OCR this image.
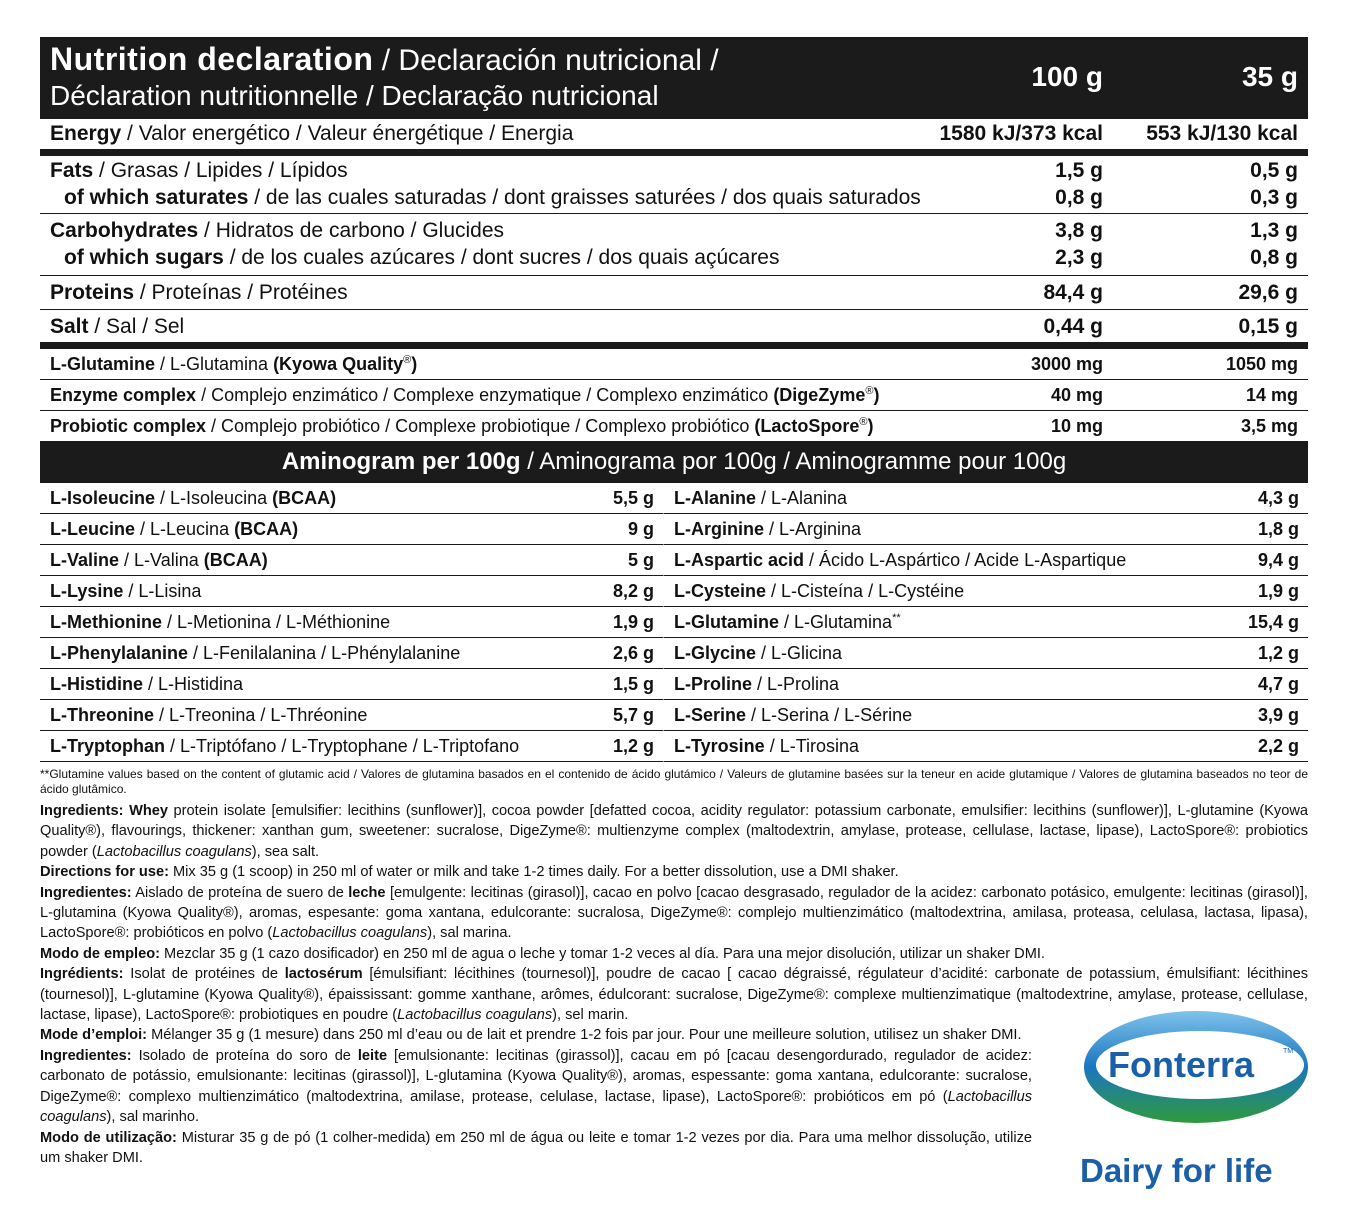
Nutrition declaration / Declaración nutricional /
Déclaration nutritionnelle / Declaração nutricional
100 g	35 g
Energy / Valor energético / Valeur énergétique / Energia	1580 kJ/373 kcal 553 kJ/130 kcal
Fats / Grasas / Lipides / Lípidos	1,5 g	0,5 g
of which saturates / de las cuales saturadas / dont graisses saturées / dos quais saturados	0,8 g	0,3 g
Carbohydrates / Hidratos de carbono / Glucides	3,8 g	1,3 g
of which sugars / de los cuales azúcares / dont sucres / dos quais açúcares	2,3 g	0,8 g
Proteins / Proteínas / Protéines	84,4 g	29,6 g
Salt / Sal / Sel	0,44 g	0,15 g
L-Glutamine / L-Glutamina (Kyowa Quality®)	3000 mg	1050 mg
Enzyme complex / Complejo enzimático / Complexe enzymatique / Complexo enzimático (DigeZyme®)	40 mg	14 mg
Probiotic complex / Complejo probiótico / Complexe probiotique / Complexo probiótico (LactoSpore®)	10 mg	3,5 mg
Aminogram per 100g / Aminograma por 100g / Aminogramme pour 100g
L-Isoleucine / L-Isoleucina (BCAA)	5,5 g
L-Leucine / L-Leucina (BCAA)	9 g
L-Valine / L-Valina (BCAA)	5 g
L-Lysine / L-Lisina	8,2 g
L-Methionine / L-Metionina / L-Méthionine	1,9 g
L-Phenylalanine / L-Fenilalanina / L-Phénylalanine	2,6 g
L-Histidine / L-Histidina	1,5 g
L-Threonine / L-Treonina / L-Thréonine	5,7 g
L-Tryptophan / L-Triptófano / L-Tryptophane / L-Triptofano	1,2 g
L-Alanine / L-Alanina	4,3 g
L-Arginine / L-Arginina	1,8 g
L-Aspartic acid / Ácido L-Aspártico / Acide L-Aspartique	9,4 g
L-Cysteine / L-Cisteína / L-Cystéine	1,9 g
L-Glutamine / L-Glutamina**	15,4 g
L-Glycine / L-Glicina	1,2 g
L-Proline / L-Prolina	4,7 g
L-Serine / L-Serina / L-Sérine	3,9 g
L-Tyrosine / L-Tirosina	2,2 g
**Glutamine values based on the content of glutamic acid / Valores de glutamina basados en el contenido de ácido glutámico / Valeurs de glutamine basées sur la teneur en acide glutamique / Valores de glutamina baseados no teor de ácido glutâmico.

Ingredients: Whey protein isolate [emulsifier: lecithins (sunflower)], cocoa powder [defatted cocoa, acidity regulator: potassium carbonate, emulsifier: lecithins (sunflower)], L-glutamine (Kyowa Quality®), flavourings, thickener: xanthan gum, sweetener: sucralose, DigeZyme®: multienzyme complex (maltodextrin, amylase, protease, cellulase, lactase, lipase), LactoSpore®: probiotics powder (Lactobacillus coagulans), sea salt.

Directions for use: Mix 35 g (1 scoop) in 250 ml of water or milk and take 1-2 times daily. For a better dissolution, use a DMI shaker.

Ingredientes: Aislado de proteína de suero de leche [emulgente: lecitinas (girasol)], cacao en polvo [cacao desgrasado, regulador de la acidez: carbonato potásico, emulgente: lecitinas (girasol)], L-glutamina (Kyowa Quality®), aromas, espesante: goma xantana, edulcorante: sucralosa, DigeZyme®: complejo multienzimático (maltodextrina, amilasa, proteasa, celulasa, lactasa, lipasa), LactoSpore®: probióticos en polvo (Lactobacillus coagulans), sal marina.

Modo de empleo: Mezclar 35 g (1 cazo dosificador) en 250 ml de agua o leche y tomar 1-2 veces al día. Para una mejor disolución, utilizar un shaker DMI.

Ingrédients: Isolat de protéines de lactosérum [émulsifiant: lécithines (tournesol)], poudre de cacao [ cacao dégraissé, régulateur d’acidité: carbonate de potassium, émulsifiant: lécithines (tournesol)], L-glutamine (Kyowa Quality®), épaississant: gomme xanthane, arômes, édulcorant: sucralose, DigeZyme®: complexe multienzimatique (maltodextrine, amylase, protease, cellulase, lactase, lipase), LactoSpore®: probiotiques en poudre (Lactobacillus coagulans), sel marin.

Mode d’emploi: Mélanger 35 g (1 mesure) dans 250 ml d’eau ou de lait et prendre 1-2 fois par jour. Pour une meilleure solution, utilisez un shaker DMI.

Ingredientes: Isolado de proteína do soro de leite [emulsionante: lecitinas (girassol)], cacau em pó [cacau desengordurado, regulador de acidez: carbonato de potássio, emulsionante: lecitinas (girassol)], L-glutamina (Kyowa Quality®), aromas, espessante: goma xantana, edulcorante: sucralose, DigeZyme®: complexo multienzimático (maltodextrina, amilase, protease, celulase, lactase, lipase), LactoSpore®: probióticos em pó (Lactobacillus coagulans), sal marinho.

Modo de utilização: Misturar 35 g de pó (1 colher-medida) em 250 ml de água ou leite e tomar 1-2 vezes por dia. Para uma melhor dissolução, utilize um shaker DMI.

Fonterra	TM
Dairy for life
